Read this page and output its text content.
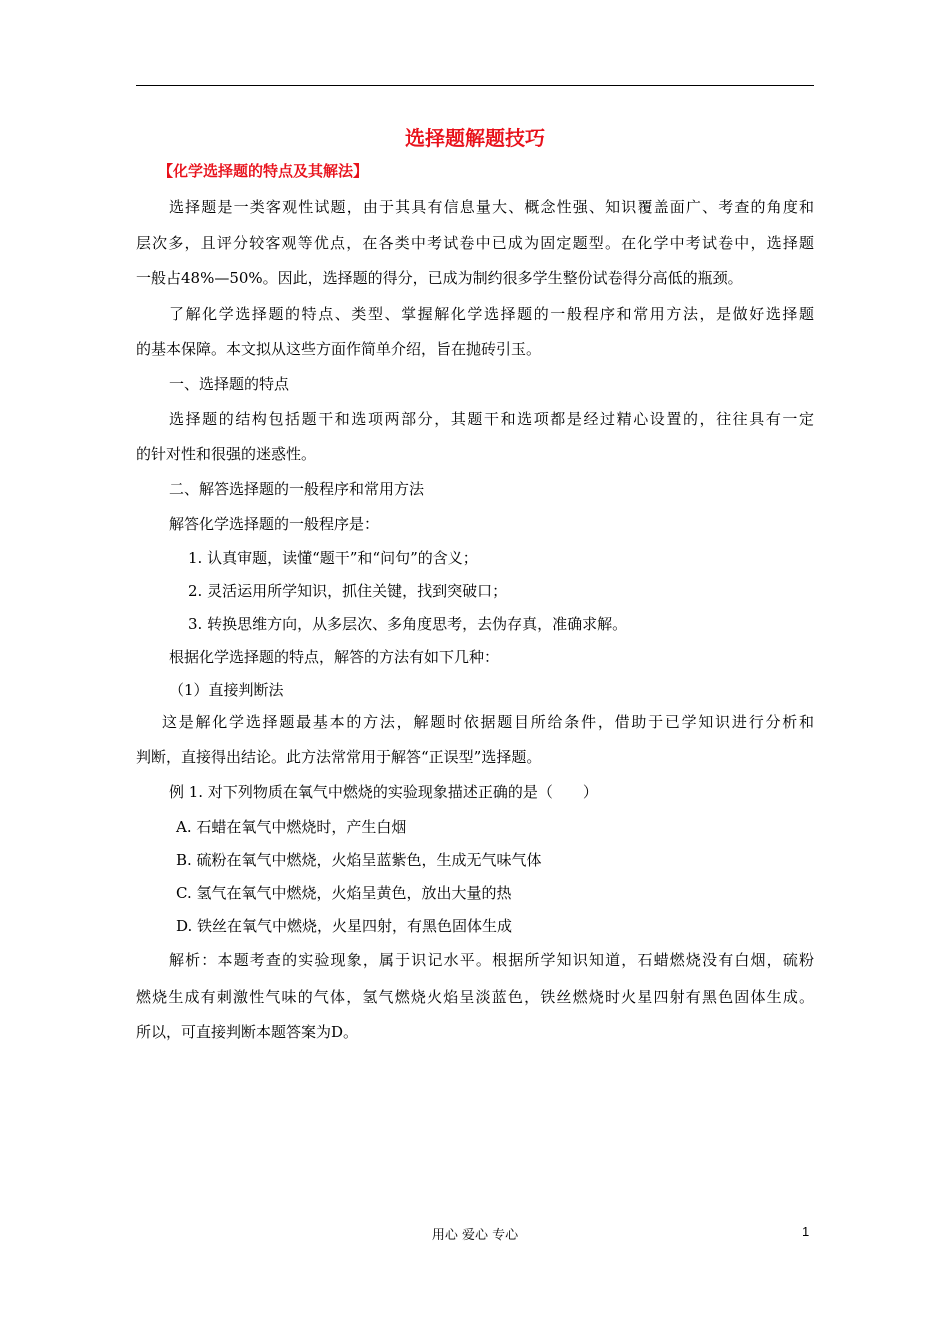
选择题解题技巧
【化学选择题的特点及其解法】
选择题是一类客观性试题，由于其具有信息量大、概念性强、知识覆盖面广、考查的角度和
层次多，且评分较客观等优点，在各类中考试卷中已成为固定题型。在化学中考试卷中，选择题
一般占48%—50%。因此，选择题的得分，已成为制约很多学生整份试卷得分高低的瓶颈。
了解化学选择题的特点、类型、掌握解化学选择题的一般程序和常用方法，是做好选择题
的基本保障。本文拟从这些方面作简单介绍，旨在抛砖引玉。
一、选择题的特点
选择题的结构包括题干和选项两部分，其题干和选项都是经过精心设置的，往往具有一定
的针对性和很强的迷惑性。
二、解答选择题的一般程序和常用方法
解答化学选择题的一般程序是：
1. 认真审题，读懂“题干”和“问句”的含义；
2. 灵活运用所学知识，抓住关键，找到突破口；
3. 转换思维方向，从多层次、多角度思考，去伪存真，准确求解。
根据化学选择题的特点，解答的方法有如下几种：
（1）直接判断法
这是解化学选择题最基本的方法，解题时依据题目所给条件，借助于已学知识进行分析和
判断，直接得出结论。此方法常常用于解答“正误型”选择题。
例 1. 对下列物质在氧气中燃烧的实验现象描述正确的是（　　）
A. 石蜡在氧气中燃烧时，产生白烟
B. 硫粉在氧气中燃烧，火焰呈蓝紫色，生成无气味气体
C. 氢气在氧气中燃烧，火焰呈黄色，放出大量的热
D. 铁丝在氧气中燃烧，火星四射，有黑色固体生成
解析：本题考查的实验现象，属于识记水平。根据所学知识知道，石蜡燃烧没有白烟，硫粉
燃烧生成有刺激性气味的气体，氢气燃烧火焰呈淡蓝色，铁丝燃烧时火星四射有黑色固体生成。
所以，可直接判断本题答案为D。
用心 爱心 专心	1
